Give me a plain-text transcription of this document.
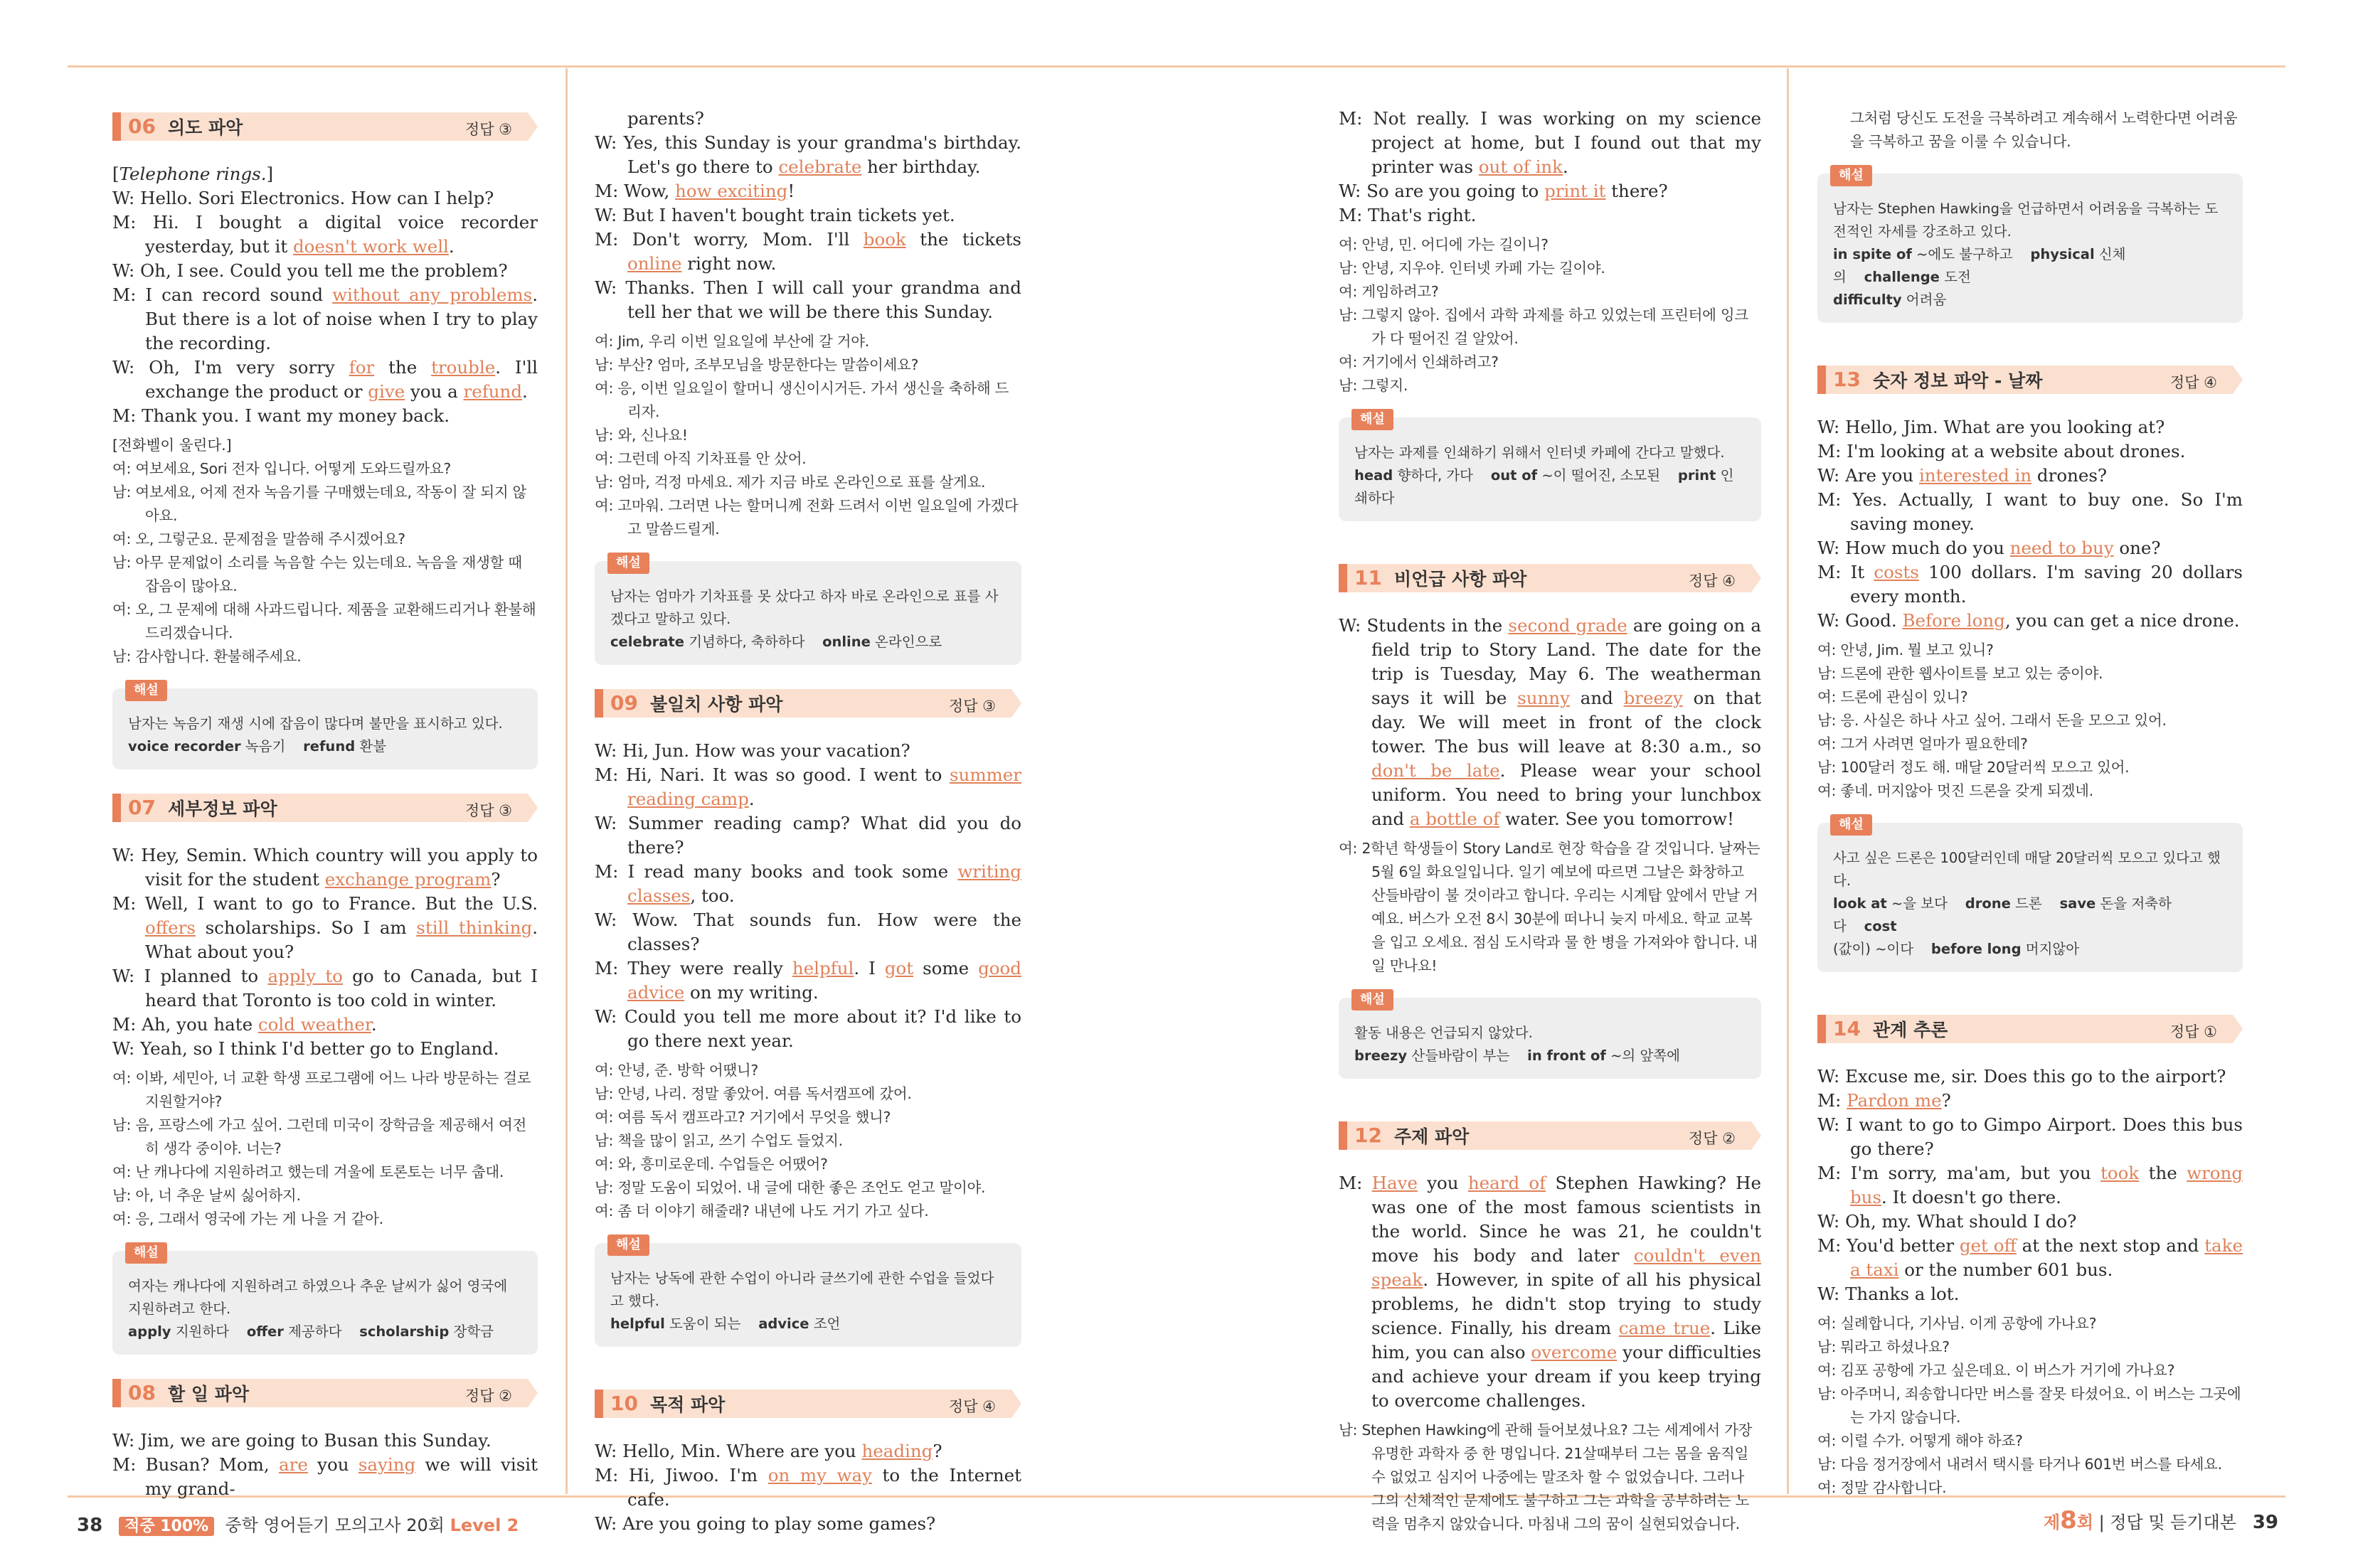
06 의도 파악	정답 ③

[Telephone rings.]

W: Hello. Sori Electronics. How can I help?

M: Hi. I bought a digital voice recorder yesterday, but it doesn't work well.

W: Oh, I see. Could you tell me the problem?

M: I can record sound without any problems. But there is a lot of noise when I try to play the recording.

W: Oh, I'm very sorry for the trouble. I'll exchange the product or give you a refund.

M: Thank you. I want my money back.

[전화벨이 울린다.]

여: 여보세요, Sori 전자 입니다. 어떻게 도와드릴까요?

남: 여보세요, 어제 전자 녹음기를 구매했는데요, 작동이 잘 되지 않아요.

여: 오, 그렇군요. 문제점을 말씀해 주시겠어요?

남: 아무 문제없이 소리를 녹음할 수는 있는데요. 녹음을 재생할 때 잡음이 많아요.

여: 오, 그 문제에 대해 사과드립니다. 제품을 교환해드리거나 환불해드리겠습니다.

남: 감사합니다. 환불해주세요.

해설
남자는 녹음기 재생 시에 잡음이 많다며 불만을 표시하고 있다.
voice recorder 녹음기 refund 환불
07 세부정보 파악	정답 ③

W: Hey, Semin. Which country will you apply to visit for the student exchange program?

M: Well, I want to go to France. But the U.S. offers scholarships. So I am still thinking. What about you?

W: I planned to apply to go to Canada, but I heard that Toronto is too cold in winter.

M: Ah, you hate cold weather.

W: Yeah, so I think I'd better go to England.

여: 이봐, 세민아, 너 교환 학생 프로그램에 어느 나라 방문하는 걸로 지원할거야?

남: 음, 프랑스에 가고 싶어. 그런데 미국이 장학금을 제공해서 여전히 생각 중이야. 너는?

여: 난 캐나다에 지원하려고 했는데 겨울에 토론토는 너무 춥대.

남: 아, 너 추운 날씨 싫어하지.

여: 응, 그래서 영국에 가는 게 나을 거 같아.

해설
여자는 캐나다에 지원하려고 하였으나 추운 날씨가 싫어 영국에 지원하려고 한다.
apply 지원하다 offer 제공하다 scholarship 장학금
08 할 일 파악	정답 ②

W: Jim, we are going to Busan this Sunday.

M: Busan? Mom, are you saying we will visit my grand-

parents?

W: Yes, this Sunday is your grandma's birthday. Let's go there to celebrate her birthday.

M: Wow, how exciting!

W: But I haven't bought train tickets yet.

M: Don't worry, Mom. I'll book the tickets online right now.

W: Thanks. Then I will call your grandma and tell her that we will be there this Sunday.

여: Jim, 우리 이번 일요일에 부산에 갈 거야.

남: 부산? 엄마, 조부모님을 방문한다는 말씀이세요?

여: 응, 이번 일요일이 할머니 생신이시거든. 가서 생신을 축하해 드리자.

남: 와, 신나요!

여: 그런데 아직 기차표를 안 샀어.

남: 엄마, 걱정 마세요. 제가 지금 바로 온라인으로 표를 살게요.

여: 고마워. 그러면 나는 할머니께 전화 드려서 이번 일요일에 가겠다고 말씀드릴게.

해설
남자는 엄마가 기차표를 못 샀다고 하자 바로 온라인으로 표를 사겠다고 말하고 있다.
celebrate 기념하다, 축하하다 online 온라인으로
09 불일치 사항 파악	정답 ③

W: Hi, Jun. How was your vacation?

M: Hi, Nari. It was so good. I went to summer reading camp.

W: Summer reading camp? What did you do there?

M: I read many books and took some writing classes, too.

W: Wow. That sounds fun. How were the classes?

M: They were really helpful. I got some good advice on my writing.

W: Could you tell me more about it? I'd like to go there next year.

여: 안녕, 준. 방학 어땠니?

남: 안녕, 나리. 정말 좋았어. 여름 독서캠프에 갔어.

여: 여름 독서 캠프라고? 거기에서 무엇을 했니?

남: 책을 많이 읽고, 쓰기 수업도 들었지.

여: 와, 흥미로운데. 수업들은 어땠어?

남: 정말 도움이 되었어. 내 글에 대한 좋은 조언도 얻고 말이야.

여: 좀 더 이야기 해줄래? 내년에 나도 거기 가고 싶다.

해설
남자는 낭독에 관한 수업이 아니라 글쓰기에 관한 수업을 들었다고 했다.
helpful 도움이 되는 advice 조언
10 목적 파악	정답 ④

W: Hello, Min. Where are you heading?

M: Hi, Jiwoo. I'm on my way to the Internet cafe.

W: Are you going to play some games?

M: Not really. I was working on my science project at home, but I found out that my printer was out of ink.

W: So are you going to print it there?

M: That's right.

여: 안녕, 민. 어디에 가는 길이니?

남: 안녕, 지우야. 인터넷 카페 가는 길이야.

여: 게임하려고?

남: 그렇지 않아. 집에서 과학 과제를 하고 있었는데 프린터에 잉크가 다 떨어진 걸 알았어.

여: 거기에서 인쇄하려고?

남: 그렇지.

해설
남자는 과제를 인쇄하기 위해서 인터넷 카페에 간다고 말했다.
head 향하다, 가다 out of ~이 떨어진, 소모된 print 인쇄하다
11 비언급 사항 파악	정답 ④

W: Students in the second grade are going on a field trip to Story Land. The date for the trip is Tuesday, May 6. The weatherman says it will be sunny and breezy on that day. We will meet in front of the clock tower. The bus will leave at 8:30 a.m., so don't be late. Please wear your school uniform. You need to bring your lunchbox and a bottle of water. See you tomorrow!

여: 2학년 학생들이 Story Land로 현장 학습을 갈 것입니다. 날짜는 5월 6일 화요일입니다. 일기 예보에 따르면 그날은 화창하고 산들바람이 불 것이라고 합니다. 우리는 시계탑 앞에서 만날 거예요. 버스가 오전 8시 30분에 떠나니 늦지 마세요. 학교 교복을 입고 오세요. 점심 도시락과 물 한 병을 가져와야 합니다. 내일 만나요!

해설
활동 내용은 언급되지 않았다.
breezy 산들바람이 부는 in front of ~의 앞쪽에
12 주제 파악	정답 ②

M: Have you heard of Stephen Hawking? He was one of the most famous scientists in the world. Since he was 21, he couldn't move his body and later couldn't even speak. However, in spite of all his physical problems, he didn't stop trying to study science. Finally, his dream came true. Like him, you can also overcome your difficulties and achieve your dream if you keep trying to overcome challenges.

남: Stephen Hawking에 관해 들어보셨나요? 그는 세계에서 가장 유명한 과학자 중 한 명입니다. 21살때부터 그는 몸을 움직일 수 없었고 심지어 나중에는 말조차 할 수 없었습니다. 그러나 그의 신체적인 문제에도 불구하고 그는 과학을 공부하려는 노력을 멈추지 않았습니다. 마침내 그의 꿈이 실현되었습니다.

그처럼 당신도 도전을 극복하려고 계속해서 노력한다면 어려움을 극복하고 꿈을 이룰 수 있습니다.

해설
남자는 Stephen Hawking을 언급하면서 어려움을 극복하는 도전적인 자세를 강조하고 있다.
in spite of ~에도 불구하고 physical 신체의 challenge 도전
difficulty 어려움
13 숫자 정보 파악 - 날짜	정답 ④

W: Hello, Jim. What are you looking at?

M: I'm looking at a website about drones.

W: Are you interested in drones?

M: Yes. Actually, I want to buy one. So I'm saving money.

W: How much do you need to buy one?

M: It costs 100 dollars. I'm saving 20 dollars every month.

W: Good. Before long, you can get a nice drone.

여: 안녕, Jim. 뭘 보고 있니?

남: 드론에 관한 웹사이트를 보고 있는 중이야.

여: 드론에 관심이 있니?

남: 응. 사실은 하나 사고 싶어. 그래서 돈을 모으고 있어.

여: 그거 사려면 얼마가 필요한데?

남: 100달러 정도 해. 매달 20달러씩 모으고 있어.

여: 좋네. 머지않아 멋진 드론을 갖게 되겠네.

해설
사고 싶은 드론은 100달러인데 매달 20달러씩 모으고 있다고 했다.
look at ~을 보다 drone 드론 save 돈을 저축하다 cost
(값이) ~이다 before long 머지않아
14 관계 추론	정답 ①

W: Excuse me, sir. Does this go to the airport?

M: Pardon me?

W: I want to go to Gimpo Airport. Does this bus go there?

M: I'm sorry, ma'am, but you took the wrong bus. It doesn't go there.

W: Oh, my. What should I do?

M: You'd better get off at the next stop and take a taxi or the number 601 bus.

W: Thanks a lot.

여: 실례합니다, 기사님. 이게 공항에 가나요?

남: 뭐라고 하셨나요?

여: 김포 공항에 가고 싶은데요. 이 버스가 거기에 가나요?

남: 아주머니, 죄송합니다만 버스를 잘못 타셨어요. 이 버스는 그곳에는 가지 않습니다.

여: 이럴 수가. 어떻게 해야 하죠?

남: 다음 정거장에서 내려서 택시를 타거나 601번 버스를 타세요.

여: 정말 감사합니다.

38 적중 100% 중학 영어듣기 모의고사 20회 Level 2	제8회 | 정답 및 듣기대본 39
